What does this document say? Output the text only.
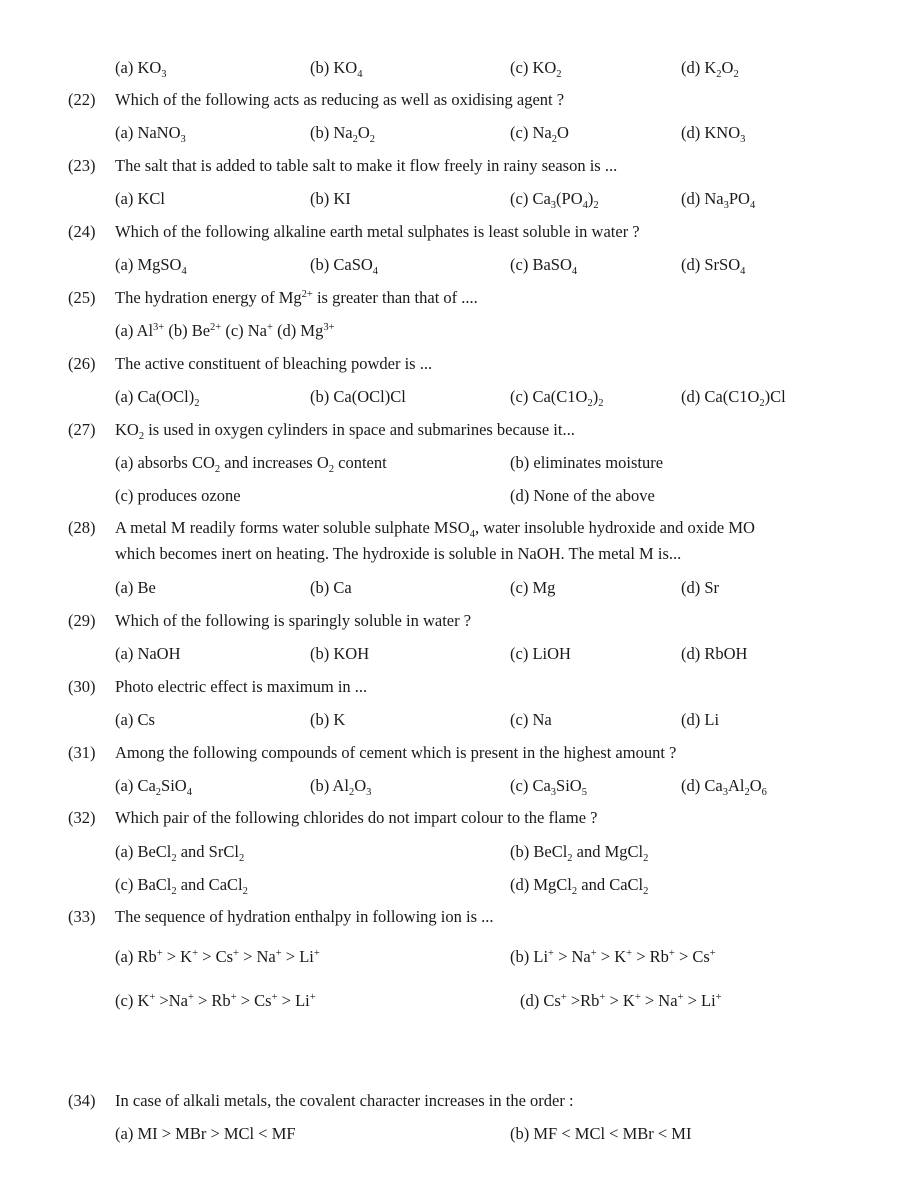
(a) $KO_3$	(b) $KO_4$	(c) $KO_2$	(d) $K_2O_2$
(22) Which of the following acts as reducing as well as oxidising agent ?
(a) NaNO$_3$	(b) $Na_2O_2$	(c) $Na_2O$	(d) $KNO_3$
(23) The salt that is added to table salt to make it flow freely in rainy season is ...
(a) KCl	(b) KI	(c) $Ca_3(PO_4)_2$	(d) $Na_3PO_4$
(24) Which of the following alkaline earth metal sulphates is least soluble in water ?
(a) MgSO$_4$	(b) CaSO$_4$	(c) BaSO$_4$	(d) SrSO$_4$
(25) The hydration energy of $Mg^{2+}$ is greater than that of ....
(a) $Al^{3+}$ (b) $Be^{2+}$ (c) Na+ (d) $Mg^{3+}$
(26) The active constituent of bleaching powder is ...
(a) $Ca(OCl)_2$	(b) Ca(OCl)Cl	(c) $Ca(C1O_2)_2$	(d) $Ca(C1O_2)Cl$
(27) $KO_2$ is used in oxygen cylinders in space and submarines because it...
(a) absorbs $CO_2$ and increases $O_2$ content	(b) eliminates moisture
(c) produces ozone	(d) None of the above
(28) A metal M readily forms water soluble sulphate $MSO_4$, water insoluble hydroxide and oxide MO
which becomes inert on heating. The hydroxide is soluble in NaOH. The metal M is...
(a) Be	(b) Ca	(c) Mg	(d) Sr
(29) Which of the following is sparingly soluble in water ?
(a) NaOH	(b) KOH	(c) LiOH	(d) RbOH
(30) Photo electric effect is maximum in ...
(a) Cs	(b) K	(c) Na	(d) Li
(31) Among the following compounds of cement which is present in the highest amount ?
(a) $Ca_2SiO_4$	(b) $Al_2O_3$	(c) $Ca_3SiO_5$	(d) $Ca_3Al_2O_6$
(32) Which pair of the following chlorides do not impart colour to the flame ?
(a) BeCl$_2$ and SrCl$_2$	(b) BeCl$_2$ and MgCl$_2$
(c) BaCl$_2$ and CaCl$_2$	(d) MgCl$_2$ and CaCl$_2$
(33) The sequence of hydration enthalpy in following ion is ...
(a) Rb+ > K+ > Cs+ > Na+ > Li+	(b) Li+ > Na+ > K+ > Rb+ > Cs+
(c) K+ >Na+ > Rb+ > Cs+ > Li+	(d) Cs+ >Rb+ > K+ > Na+ > Li+
(34) In case of alkali metals, the covalent character increases in the order :
(a) MI > MBr > MCl < MF	(b) MF < MCl < MBr < MI
